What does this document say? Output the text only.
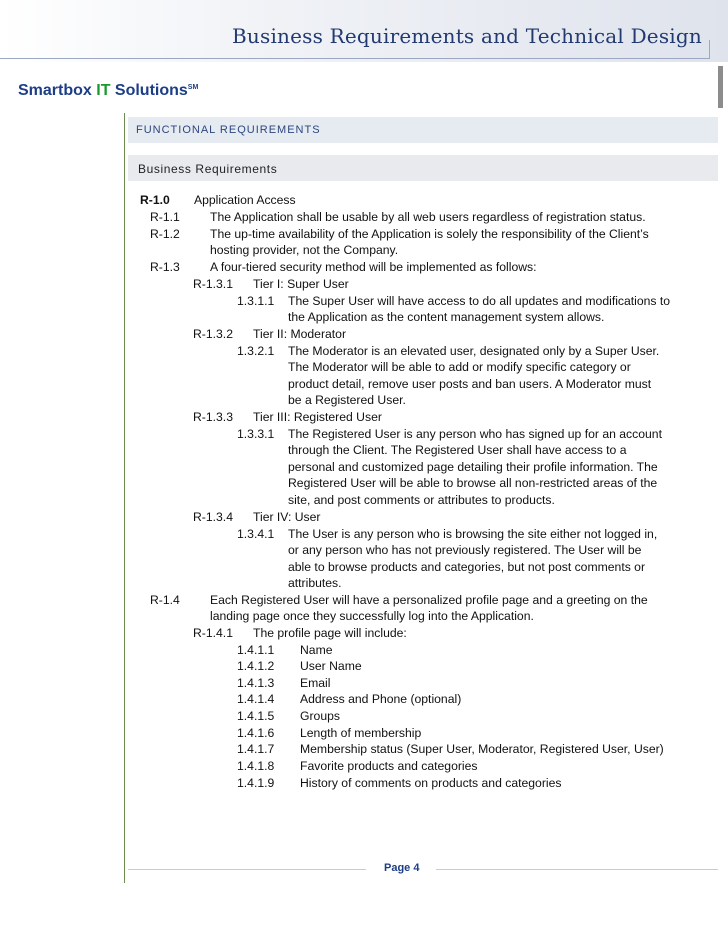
Business Requirements and Technical Design
Smartbox IT Solutions℠
FUNCTIONAL REQUIREMENTS
Business Requirements
R-1.0 Application Access
R-1.1 The Application shall be usable by all web users regardless of registration status.
R-1.2 The up-time availability of the Application is solely the responsibility of the Client’s
hosting provider, not the Company.
R-1.3 A four-tiered security method will be implemented as follows:
R-1.3.1 Tier I: Super User
1.3.1.1 The Super User will have access to do all updates and modifications to
the Application as the content management system allows.
R-1.3.2 Tier II: Moderator
1.3.2.1 The Moderator is an elevated user, designated only by a Super User.
The Moderator will be able to add or modify specific category or
product detail, remove user posts and ban users. A Moderator must
be a Registered User.
R-1.3.3 Tier III: Registered User
1.3.3.1 The Registered User is any person who has signed up for an account
through the Client. The Registered User shall have access to a
personal and customized page detailing their profile information. The
Registered User will be able to browse all non-restricted areas of the
site, and post comments or attributes to products.
R-1.3.4 Tier IV: User
1.3.4.1 The User is any person who is browsing the site either not logged in,
or any person who has not previously registered. The User will be
able to browse products and categories, but not post comments or
attributes.
R-1.4 Each Registered User will have a personalized profile page and a greeting on the
landing page once they successfully log into the Application.
R-1.4.1 The profile page will include:
1.4.1.1 Name
1.4.1.2 User Name
1.4.1.3 Email
1.4.1.4 Address and Phone (optional)
1.4.1.5 Groups
1.4.1.6 Length of membership
1.4.1.7 Membership status (Super User, Moderator, Registered User, User)
1.4.1.8 Favorite products and categories
1.4.1.9 History of comments on products and categories
Page 4
